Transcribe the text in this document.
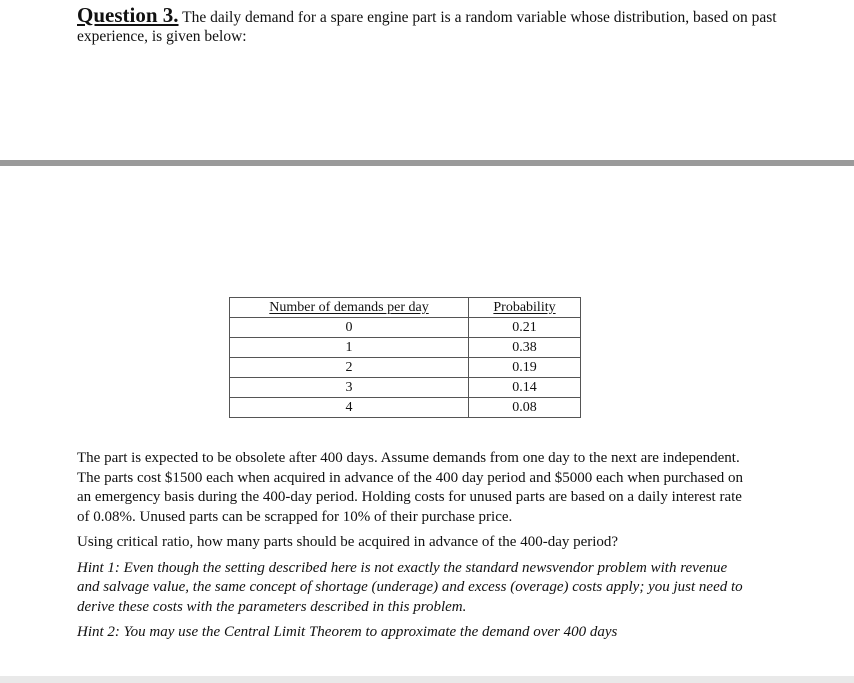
Question 3. The daily demand for a spare engine part is a random variable whose distribution, based on past experience, is given below:
Number of demands per day	Probability
0	0.21
1	0.38
2	0.19
3	0.14
4	0.08

The part is expected to be obsolete after 400 days. Assume demands from one day to the next are independent. The parts cost $1500 each when acquired in advance of the 400 day period and $5000 each when purchased on an emergency basis during the 400-day period. Holding costs for unused parts are based on a daily interest rate of 0.08%. Unused parts can be scrapped for 10% of their purchase price.

Using critical ratio, how many parts should be acquired in advance of the 400-day period?

Hint 1: Even though the setting described here is not exactly the standard newsvendor problem with revenue and salvage value, the same concept of shortage (underage) and excess (overage) costs apply; you just need to derive these costs with the parameters described in this problem.

Hint 2: You may use the Central Limit Theorem to approximate the demand over 400 days
